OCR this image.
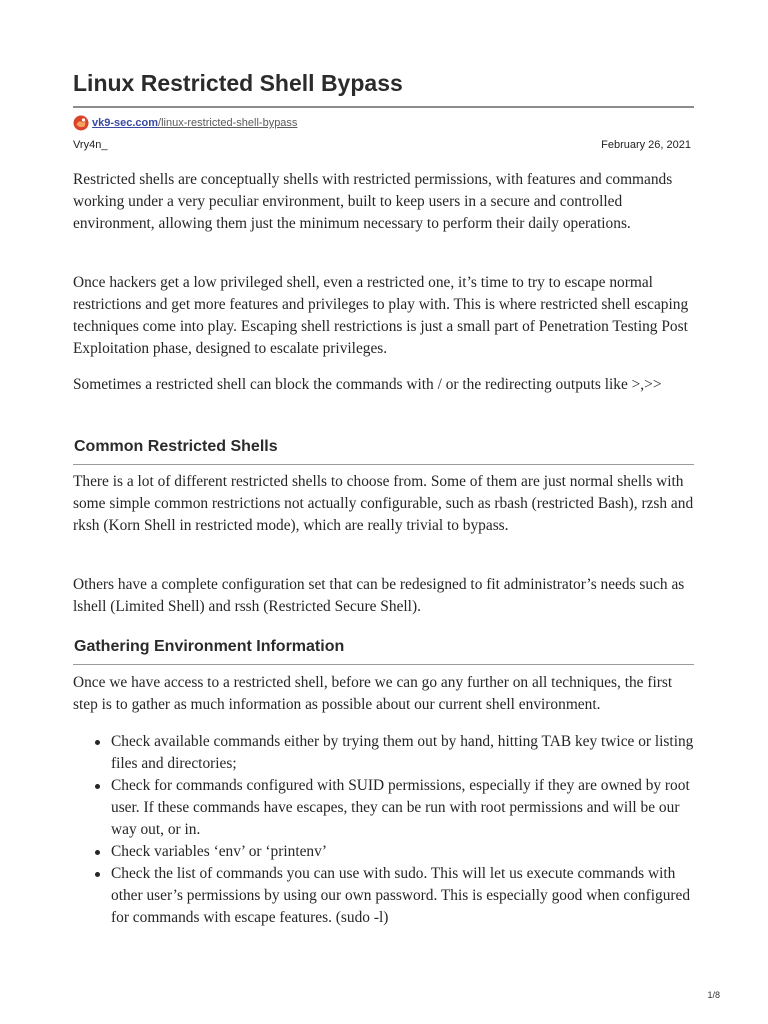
Linux Restricted Shell Bypass
vk9-sec.com /linux-restricted-shell-bypass
Vry4n_	February 26, 2021

Restricted shells are conceptually shells with restricted permissions, with features and commands working under a very peculiar environment, built to keep users in a secure and controlled environment, allowing them just the minimum necessary to perform their daily operations.

Once hackers get a low privileged shell, even a restricted one, it’s time to try to escape normal restrictions and get more features and privileges to play with. This is where restricted shell escaping techniques come into play. Escaping shell restrictions is just a small part of Penetration Testing Post Exploitation phase, designed to escalate privileges.

Sometimes a restricted shell can block the commands with / or the redirecting outputs like >,>>

Common Restricted Shells

There is a lot of different restricted shells to choose from. Some of them are just normal shells with some simple common restrictions not actually configurable, such as rbash (restricted Bash), rzsh and rksh (Korn Shell in restricted mode), which are really trivial to bypass.

Others have a complete configuration set that can be redesigned to fit administrator’s needs such as lshell (Limited Shell) and rssh (Restricted Secure Shell).

Gathering Environment Information

Once we have access to a restricted shell, before we can go any further on all techniques, the first step is to gather as much information as possible about our current shell environment.

Check available commands either by trying them out by hand, hitting TAB key twice or listing files and directories;
Check for commands configured with SUID permissions, especially if they are owned by root user. If these commands have escapes, they can be run with root permissions and will be our way out, or in.
Check variables ‘env’ or ‘printenv’
Check the list of commands you can use with sudo. This will let us execute commands with other user’s permissions by using our own password. This is especially good when configured for commands with escape features. (sudo -l)
1/8
